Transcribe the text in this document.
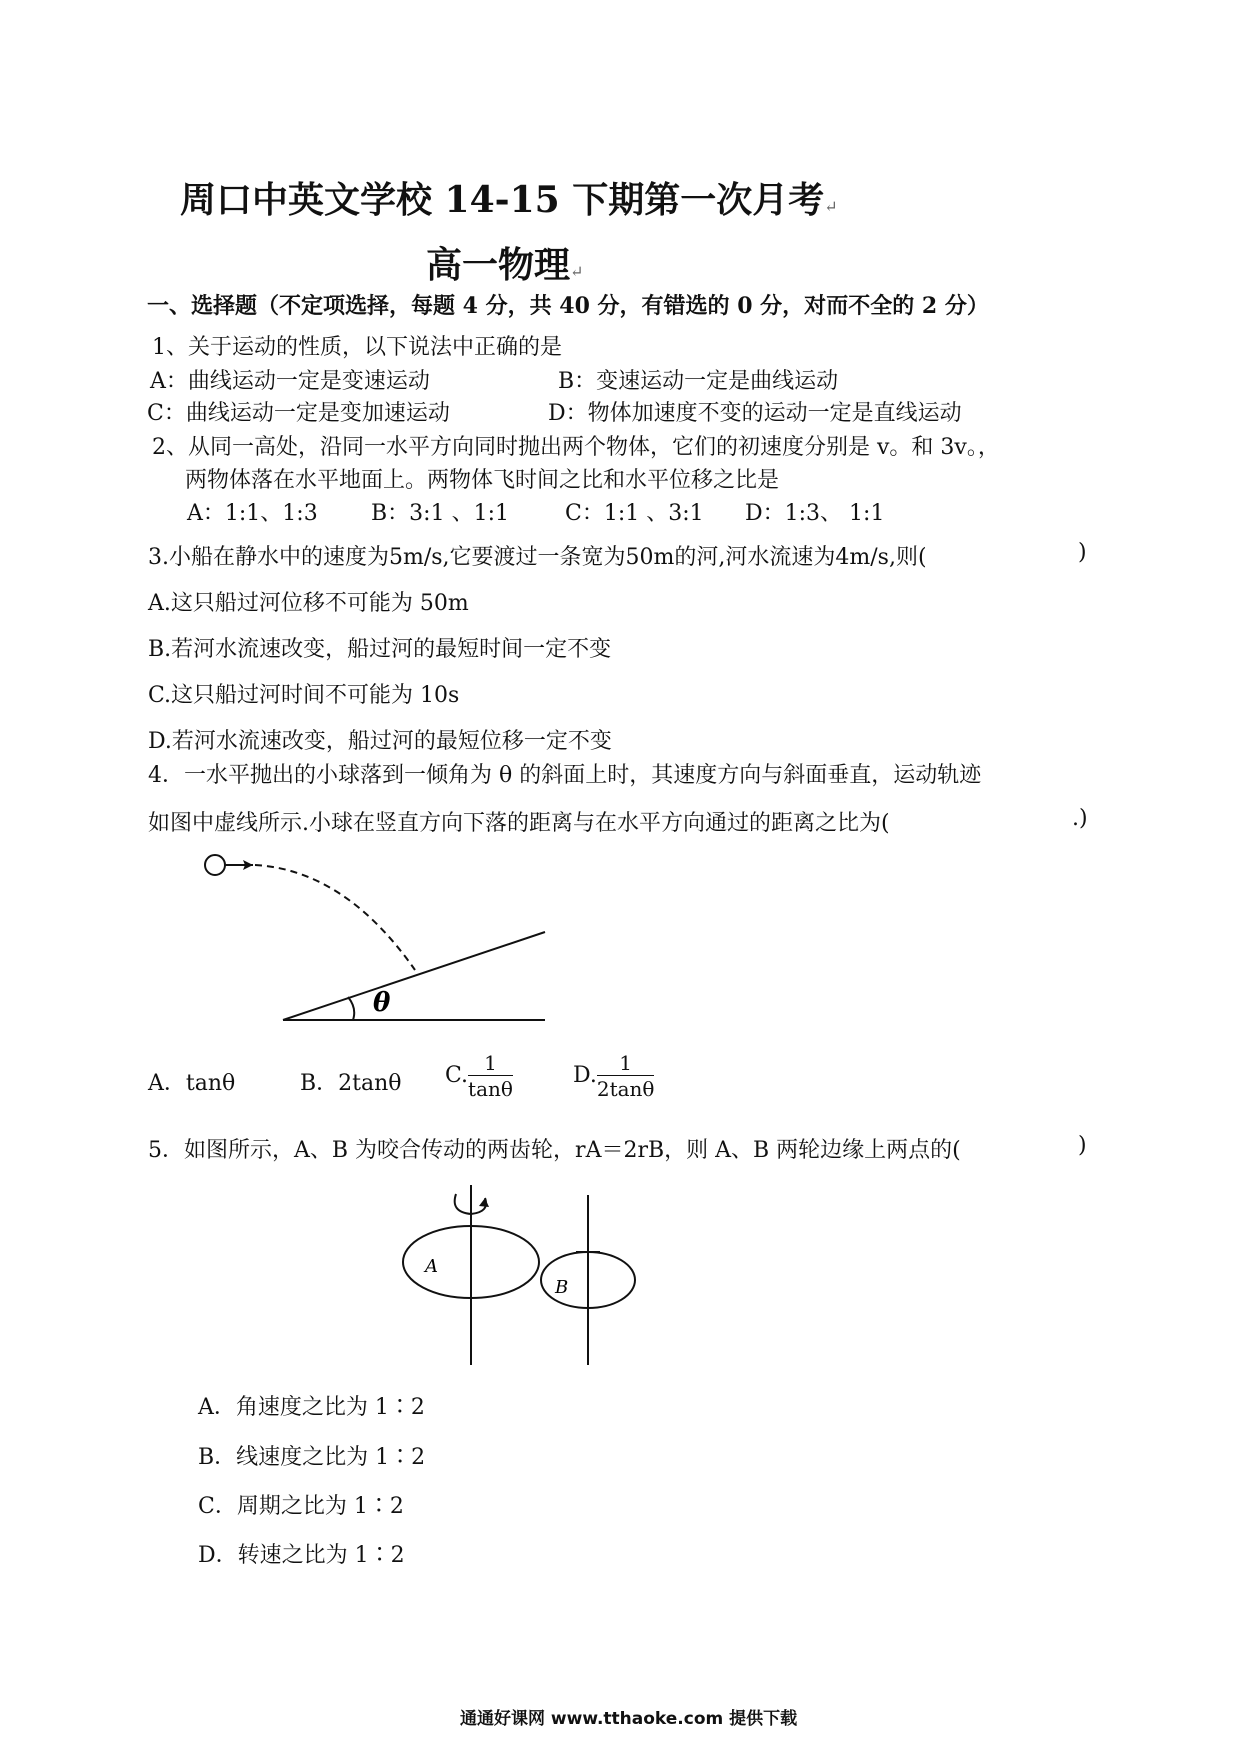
周口中英文学校 14-15 下期第一次月考↵
高一物理↵
一、选择题（不定项选择，每题 4 分，共 40 分，有错选的 0 分，对而不全的 2 分）
1、关于运动的性质，以下说法中正确的是
A：曲线运动一定是变速运动	B：变速运动一定是曲线运动
C：曲线运动一定是变加速运动	D：物体加速度不变的运动一定是直线运动
2、从同一高处，沿同一水平方向同时抛出两个物体，它们的初速度分别是 v。和 3v。，
两物体落在水平地面上。两物体飞时间之比和水平位移之比是
A：1:1、1:3 B：3:1 、1:1	C：1:1 、3:1 D：1:3、 1:1
3.小船在静水中的速度为5m/s,它要渡过一条宽为50m的河,河水流速为4m/s,则(	)
A.这只船过河位移不可能为 50m
B.若河水流速改变，船过河的最短时间一定不变
C.这只船过河时间不可能为 10s
D.若河水流速改变，船过河的最短位移一定不变
4．一水平抛出的小球落到一倾角为 θ 的斜面上时，其速度方向与斜面垂直，运动轨迹
如图中虚线所示.小球在竖直方向下落的距离与在水平方向通过的距离之比为(	.)
θ
A．tanθ	B．2tanθ C. $\frac{1}{\tan\theta}$	D. $\frac{1}{2\tan\theta}$
5．如图所示，A、B 为咬合传动的两齿轮，rA＝2rB，则 A、B 两轮边缘上两点的(	)
A
B
A．角速度之比为 1∶2
B．线速度之比为 1∶2
C．周期之比为 1∶2
D．转速之比为 1∶2
通通好课网 www.tthaoke.com 提供下载
